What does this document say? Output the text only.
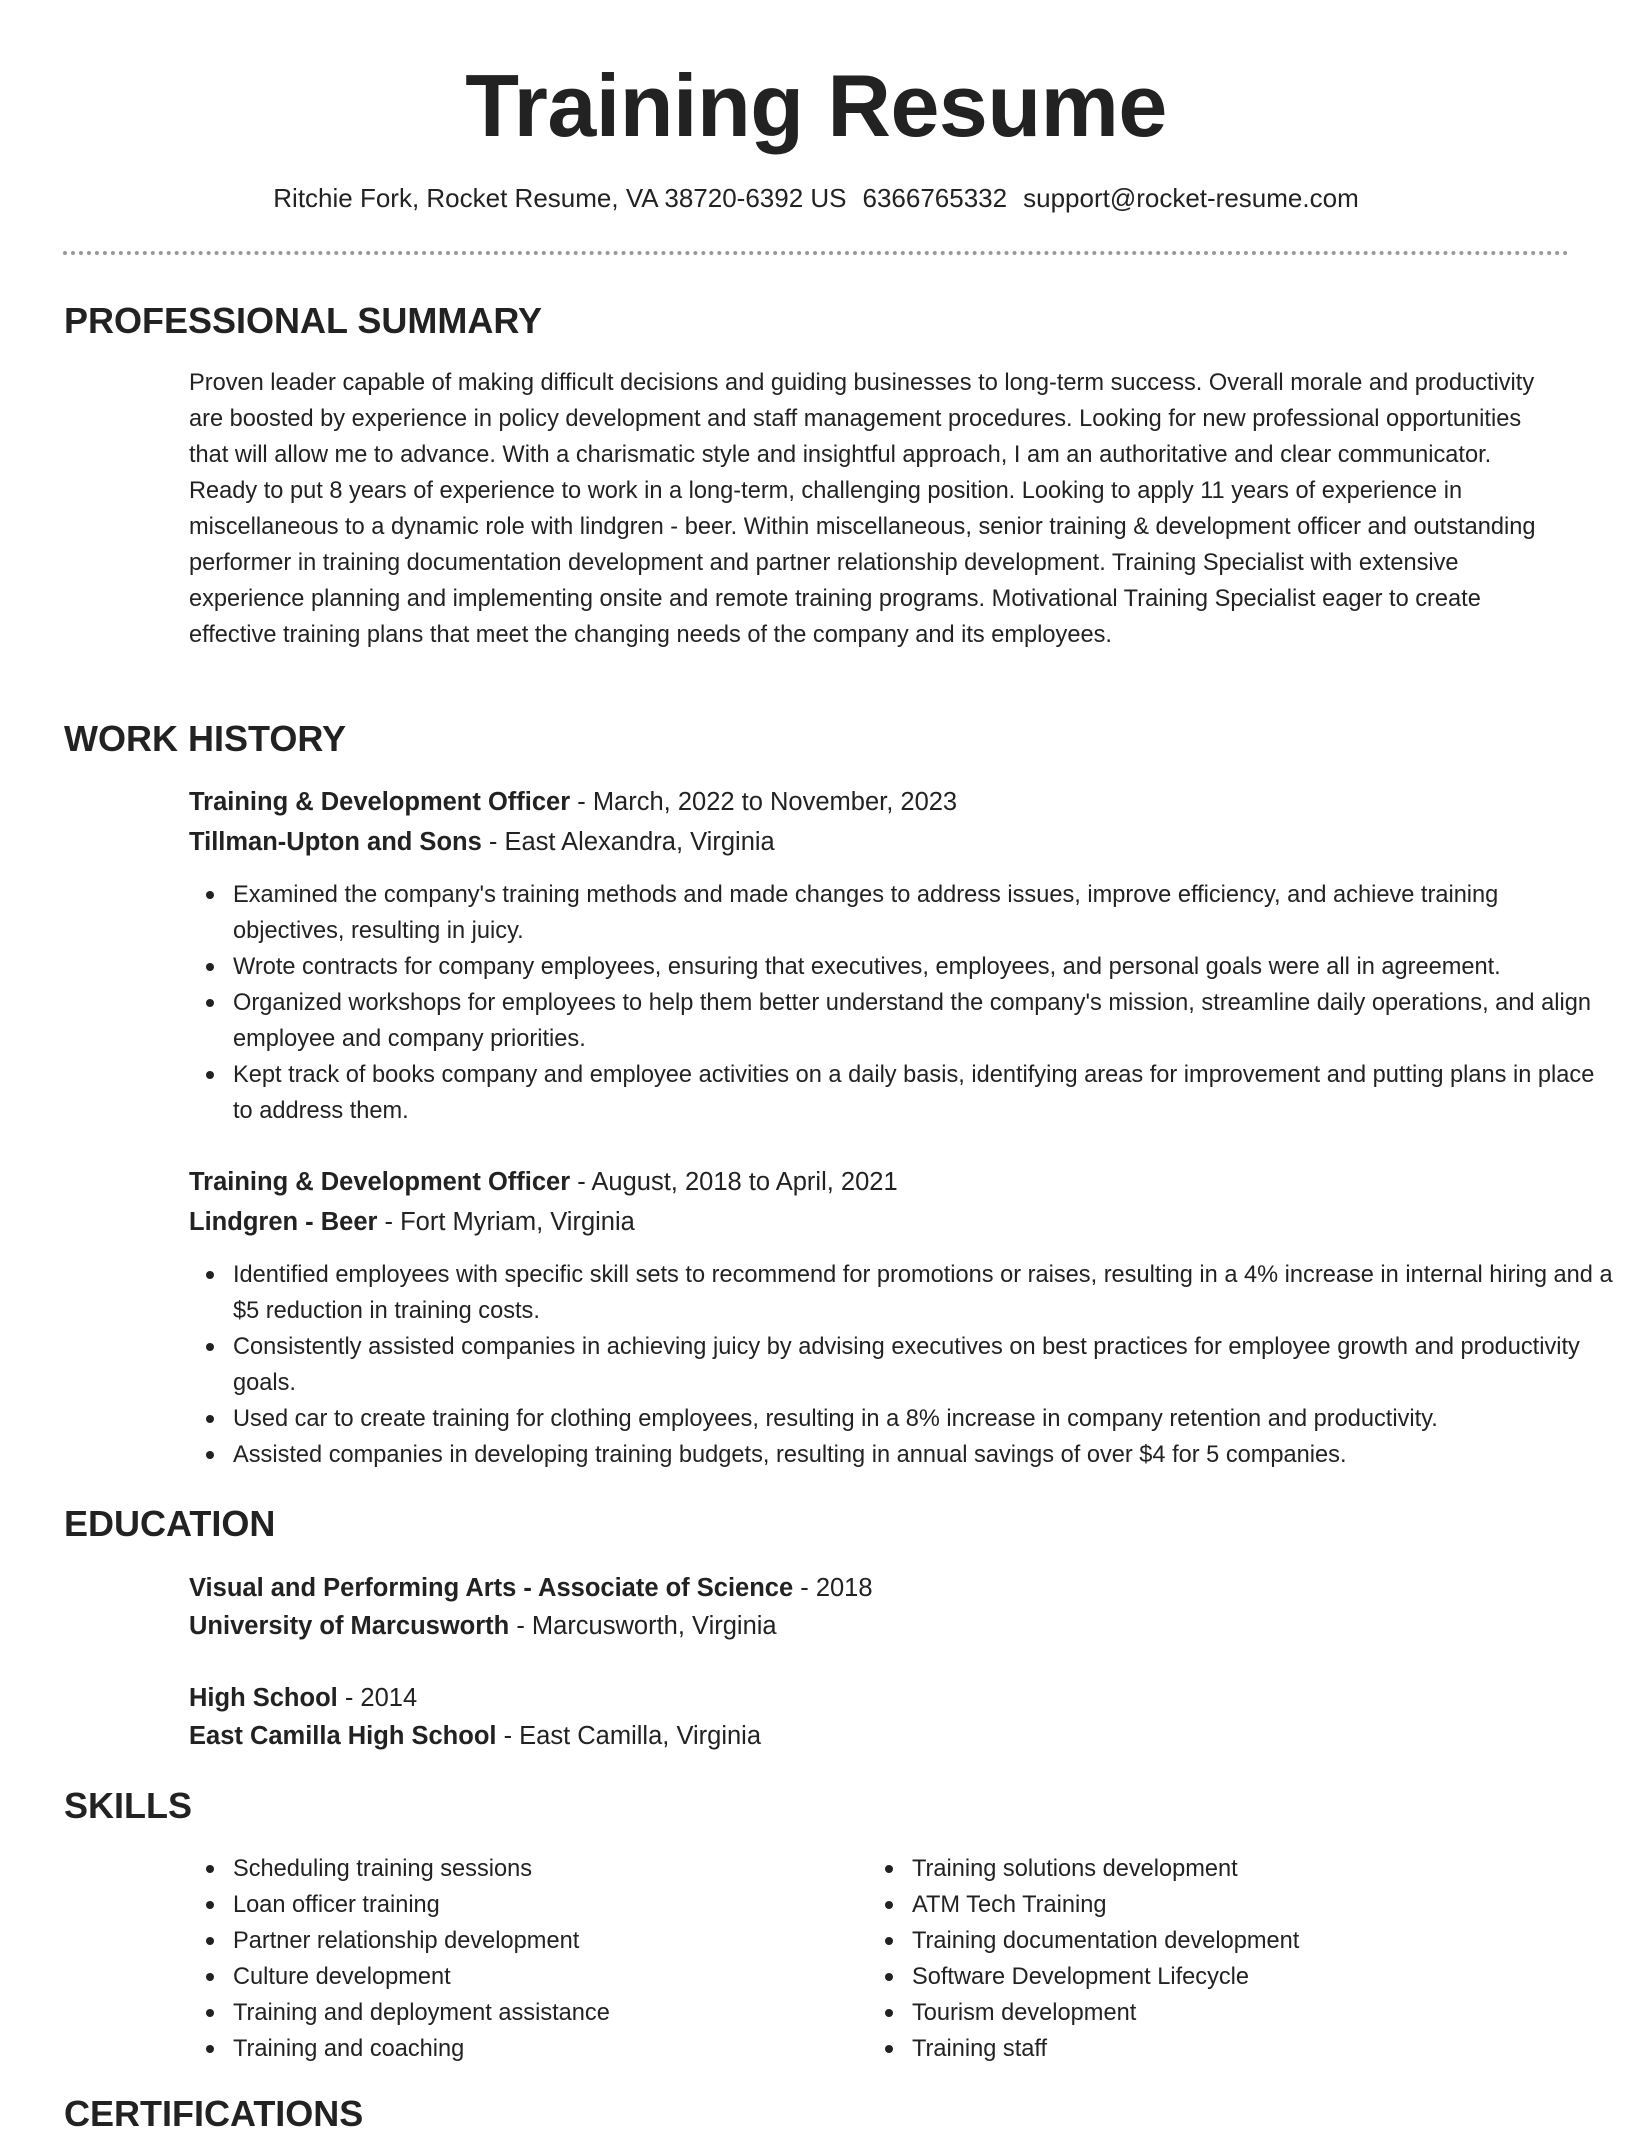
Training Resume
Ritchie Fork, Rocket Resume, VA 38720-6392 US 6366765332 support@rocket-resume.com
PROFESSIONAL SUMMARY

Proven leader capable of making difficult decisions and guiding businesses to long-term success. Overall morale and productivity are boosted by experience in policy development and staff management procedures. Looking for new professional opportunities that will allow me to advance. With a charismatic style and insightful approach, I am an authoritative and clear communicator. Ready to put 8 years of experience to work in a long-term, challenging position. Looking to apply 11 years of experience in miscellaneous to a dynamic role with lindgren - beer. Within miscellaneous, senior training & development officer and outstanding performer in training documentation development and partner relationship development. Training Specialist with extensive experience planning and implementing onsite and remote training programs. Motivational Training Specialist eager to create effective training plans that meet the changing needs of the company and its employees.

WORK HISTORY
Training & Development Officer - March, 2022 to November, 2023
Tillman-Upton and Sons - East Alexandra, Virginia
Examined the company's training methods and made changes to address issues, improve efficiency, and achieve training objectives, resulting in juicy.
Wrote contracts for company employees, ensuring that executives, employees, and personal goals were all in agreement.
Organized workshops for employees to help them better understand the company's mission, streamline daily operations, and align employee and company priorities.
Kept track of books company and employee activities on a daily basis, identifying areas for improvement and putting plans in place to address them.
Training & Development Officer - August, 2018 to April, 2021
Lindgren - Beer - Fort Myriam, Virginia
Identified employees with specific skill sets to recommend for promotions or raises, resulting in a 4% increase in internal hiring and a $5 reduction in training costs.
Consistently assisted companies in achieving juicy by advising executives on best practices for employee growth and productivity goals.
Used car to create training for clothing employees, resulting in a 8% increase in company retention and productivity.
Assisted companies in developing training budgets, resulting in annual savings of over $4 for 5 companies.
EDUCATION
Visual and Performing Arts - Associate of Science - 2018
University of Marcusworth - Marcusworth, Virginia
High School - 2014
East Camilla High School - East Camilla, Virginia
SKILLS
Scheduling training sessions
Loan officer training
Partner relationship development
Culture development
Training and deployment assistance
Training and coaching
Training solutions development
ATM Tech Training
Training documentation development
Software Development Lifecycle
Tourism development
Training staff
CERTIFICATIONS
